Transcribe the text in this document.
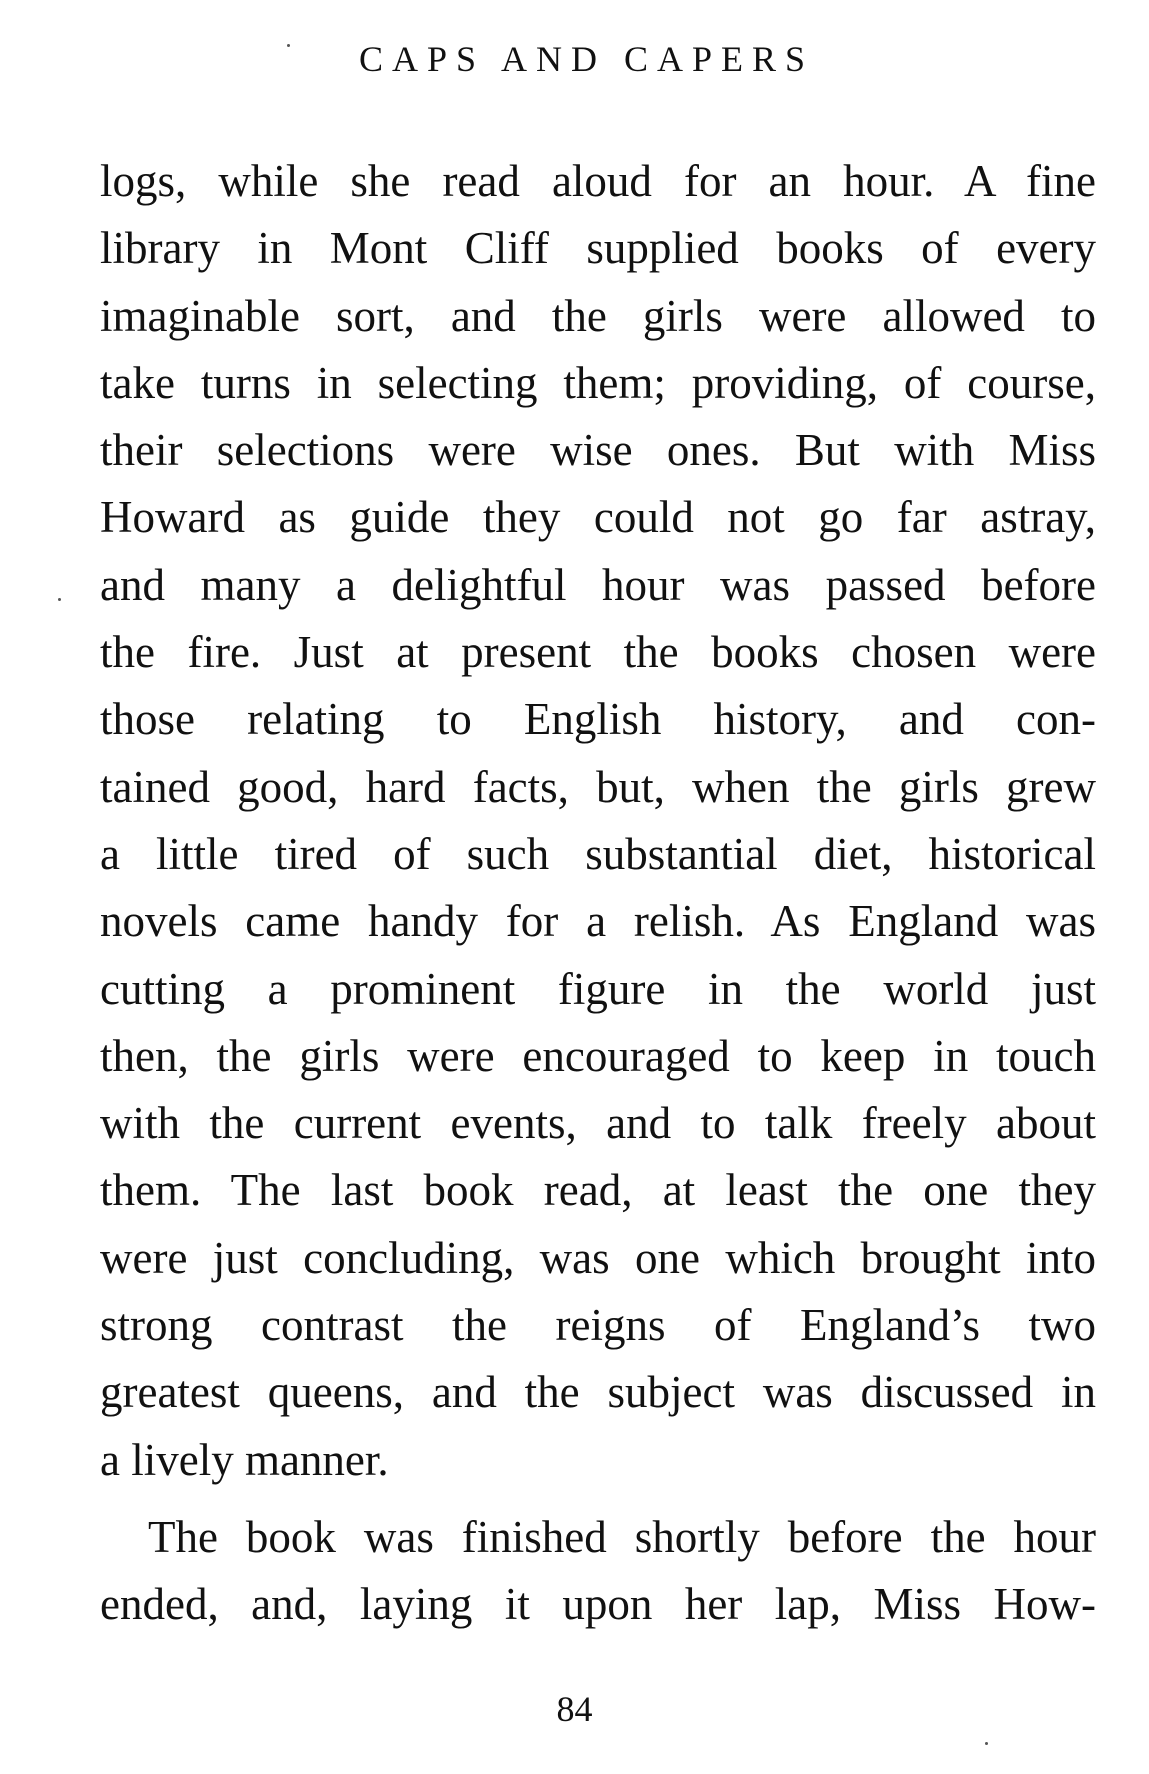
CAPS AND CAPERS
logs, while she read aloud for an hour. A fine
library in Mont Cliff supplied books of every
imaginable sort, and the girls were allowed to
take turns in selecting them; providing, of course,
their selections were wise ones. But with Miss
Howard as guide they could not go far astray,
and many a delightful hour was passed before
the fire. Just at present the books chosen were
those relating to English history, and con-
tained good, hard facts, but, when the girls grew
a little tired of such substantial diet, historical
novels came handy for a relish. As England was
cutting a prominent figure in the world just
then, the girls were encouraged to keep in touch
with the current events, and to talk freely about
them. The last book read, at least the one they
were just concluding, was one which brought into
strong contrast the reigns of England’s two
greatest queens, and the subject was discussed in
a lively manner.
The book was finished shortly before the hour
ended, and, laying it upon her lap, Miss How-
84
